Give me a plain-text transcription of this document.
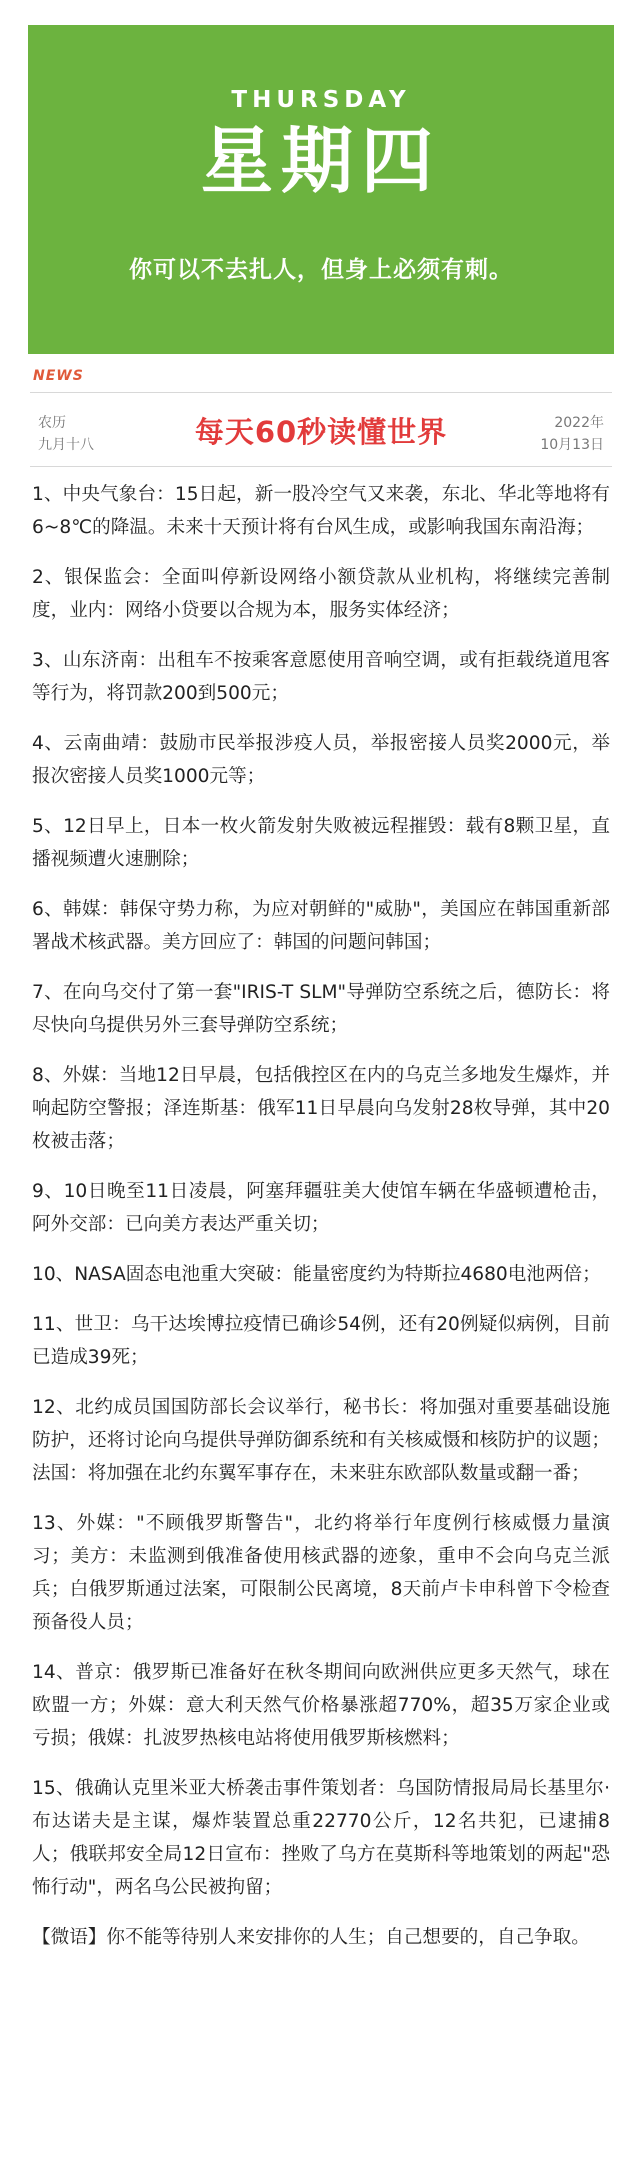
THURSDAY
星期四
你可以不去扎人，但身上必须有刺。
NEWS
农历
九月十八	每天60秒读懂世界	2022年
10月13日
1、中央气象台：15日起，新一股冷空气又来袭，东北、华北等地将有6~8℃的降温。未来十天预计将有台风生成，或影响我国东南沿海；
2、银保监会：全面叫停新设网络小额贷款从业机构，将继续完善制度，业内：网络小贷要以合规为本，服务实体经济；
3、山东济南：出租车不按乘客意愿使用音响空调，或有拒载绕道甩客等行为，将罚款200到500元；
4、云南曲靖：鼓励市民举报涉疫人员，举报密接人员奖2000元，举报次密接人员奖1000元等；
5、12日早上，日本一枚火箭发射失败被远程摧毁：载有8颗卫星，直播视频遭火速删除；
6、韩媒：韩保守势力称，为应对朝鲜的"威胁"，美国应在韩国重新部署战术核武器。美方回应了：韩国的问题问韩国；
7、在向乌交付了第一套"IRIS-T SLM"导弹防空系统之后，德防长：将尽快向乌提供另外三套导弹防空系统；
8、外媒：当地12日早晨，包括俄控区在内的乌克兰多地发生爆炸，并响起防空警报；泽连斯基：俄军11日早晨向乌发射28枚导弹，其中20枚被击落；
9、10日晚至11日凌晨，阿塞拜疆驻美大使馆车辆在华盛顿遭枪击，阿外交部：已向美方表达严重关切；
10、NASA固态电池重大突破：能量密度约为特斯拉4680电池两倍；
11、世卫：乌干达埃博拉疫情已确诊54例，还有20例疑似病例，目前已造成39死；
12、北约成员国国防部长会议举行，秘书长：将加强对重要基础设施防护，还将讨论向乌提供导弹防御系统和有关核威慑和核防护的议题；法国：将加强在北约东翼军事存在，未来驻东欧部队数量或翻一番；
13、外媒："不顾俄罗斯警告"，北约将举行年度例行核威慑力量演习；美方：未监测到俄准备使用核武器的迹象，重申不会向乌克兰派兵；白俄罗斯通过法案，可限制公民离境，8天前卢卡申科曾下令检查预备役人员；
14、普京：俄罗斯已准备好在秋冬期间向欧洲供应更多天然气，球在欧盟一方；外媒：意大利天然气价格暴涨超770%，超35万家企业或亏损；俄媒：扎波罗热核电站将使用俄罗斯核燃料；
15、俄确认克里米亚大桥袭击事件策划者：乌国防情报局局长基里尔·布达诺夫是主谋，爆炸装置总重22770公斤，12名共犯，已逮捕8人；俄联邦安全局12日宣布：挫败了乌方在莫斯科等地策划的两起"恐怖行动"，两名乌公民被拘留；
【微语】你不能等待别人来安排你的人生；自己想要的，自己争取。
